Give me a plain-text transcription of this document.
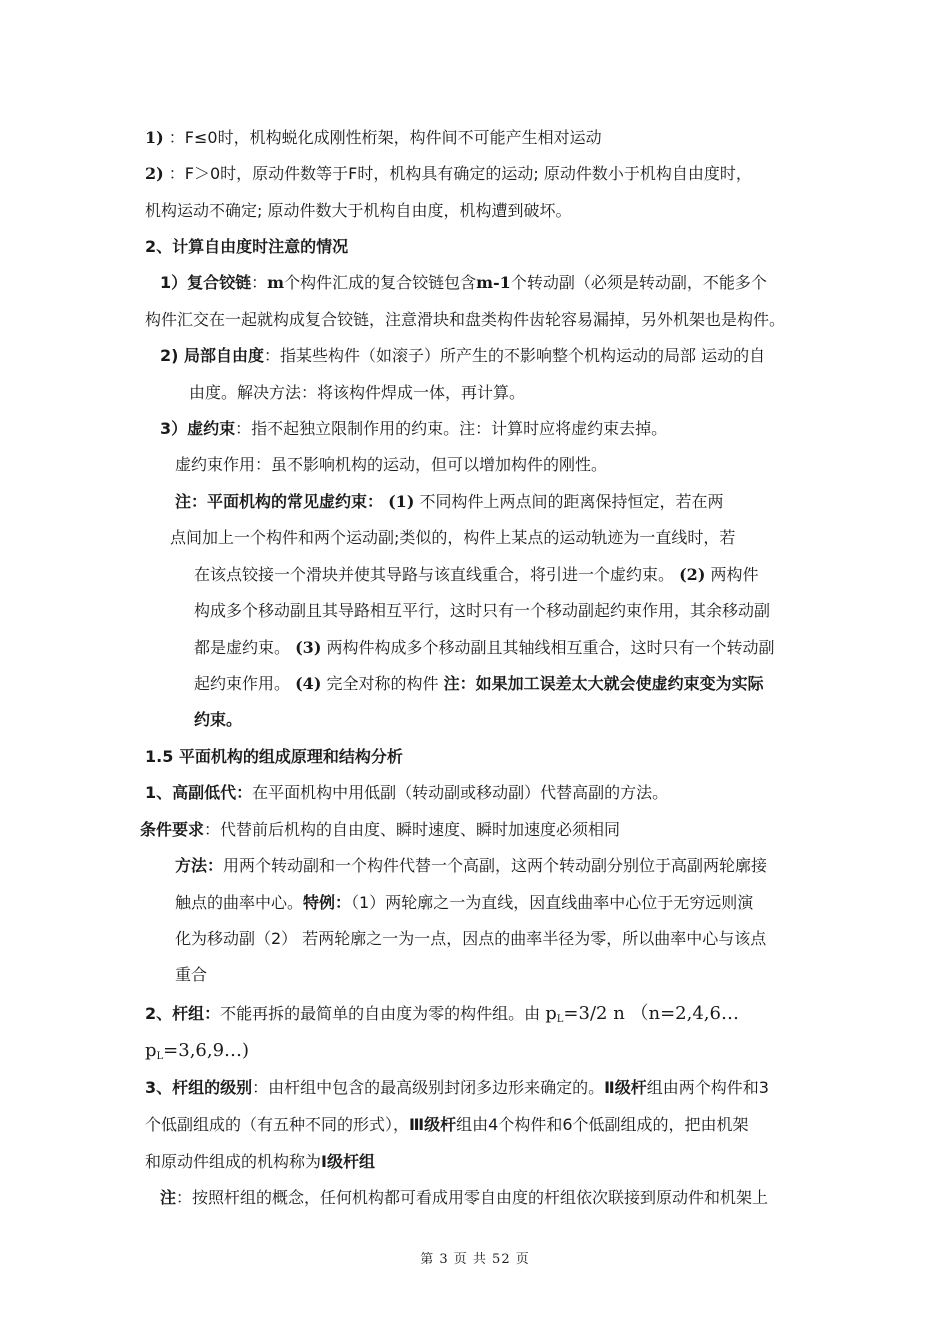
1) ：F≤0时，机构蜕化成刚性桁架，构件间不可能产生相对运动
2) ：F＞0时，原动件数等于F时，机构具有确定的运动; 原动件数小于机构自由度时，
机构运动不确定; 原动件数大于机构自由度，机构遭到破坏。
2、计算自由度时注意的情况
1）复合铰链：m个构件汇成的复合铰链包含m-1个转动副（必须是转动副，不能多个
构件汇交在一起就构成复合铰链，注意滑块和盘类构件齿轮容易漏掉，另外机架也是构件。
2) 局部自由度：指某些构件（如滚子）所产生的不影响整个机构运动的局部 运动的自
由度。解决方法：将该构件焊成一体，再计算。
3）虚约束：指不起独立限制作用的约束。注：计算时应将虚约束去掉。
虚约束作用：虽不影响机构的运动，但可以增加构件的刚性。
注：平面机构的常见虚约束： (1) 不同构件上两点间的距离保持恒定，若在两
点间加上一个构件和两个运动副;类似的，构件上某点的运动轨迹为一直线时，若
在该点铰接一个滑块并使其导路与该直线重合，将引进一个虚约束。 (2) 两构件
构成多个移动副且其导路相互平行，这时只有一个移动副起约束作用，其余移动副
都是虚约束。 (3) 两构件构成多个移动副且其轴线相互重合，这时只有一个转动副
起约束作用。 (4) 完全对称的构件 注：如果加工误差太大就会使虚约束变为实际
约束。
1.5 平面机构的组成原理和结构分析
1、高副低代：在平面机构中用低副（转动副或移动副）代替高副的方法。
条件要求：代替前后机构的自由度、瞬时速度、瞬时加速度必须相同
方法：用两个转动副和一个构件代替一个高副，这两个转动副分别位于高副两轮廓接
触点的曲率中心。特例：（1）两轮廓之一为直线，因直线曲率中心位于无穷远则演
化为移动副（2） 若两轮廓之一为一点，因点的曲率半径为零，所以曲率中心与该点
重合
2、杆组：不能再拆的最简单的自由度为零的构件组。由 $p_L=3/2$ n （n=2,4,6…
$p_L=3,6,9\dots$)
3、杆组的级别：由杆组中包含的最高级别封闭多边形来确定的。Ⅱ级杆组由两个构件和3
个低副组成的（有五种不同的形式），Ⅲ级杆组由4个构件和6个低副组成的，把由机架
和原动件组成的机构称为Ⅰ级杆组
注：按照杆组的概念，任何机构都可看成用零自由度的杆组依次联接到原动件和机架上
第 3 页 共 52 页
